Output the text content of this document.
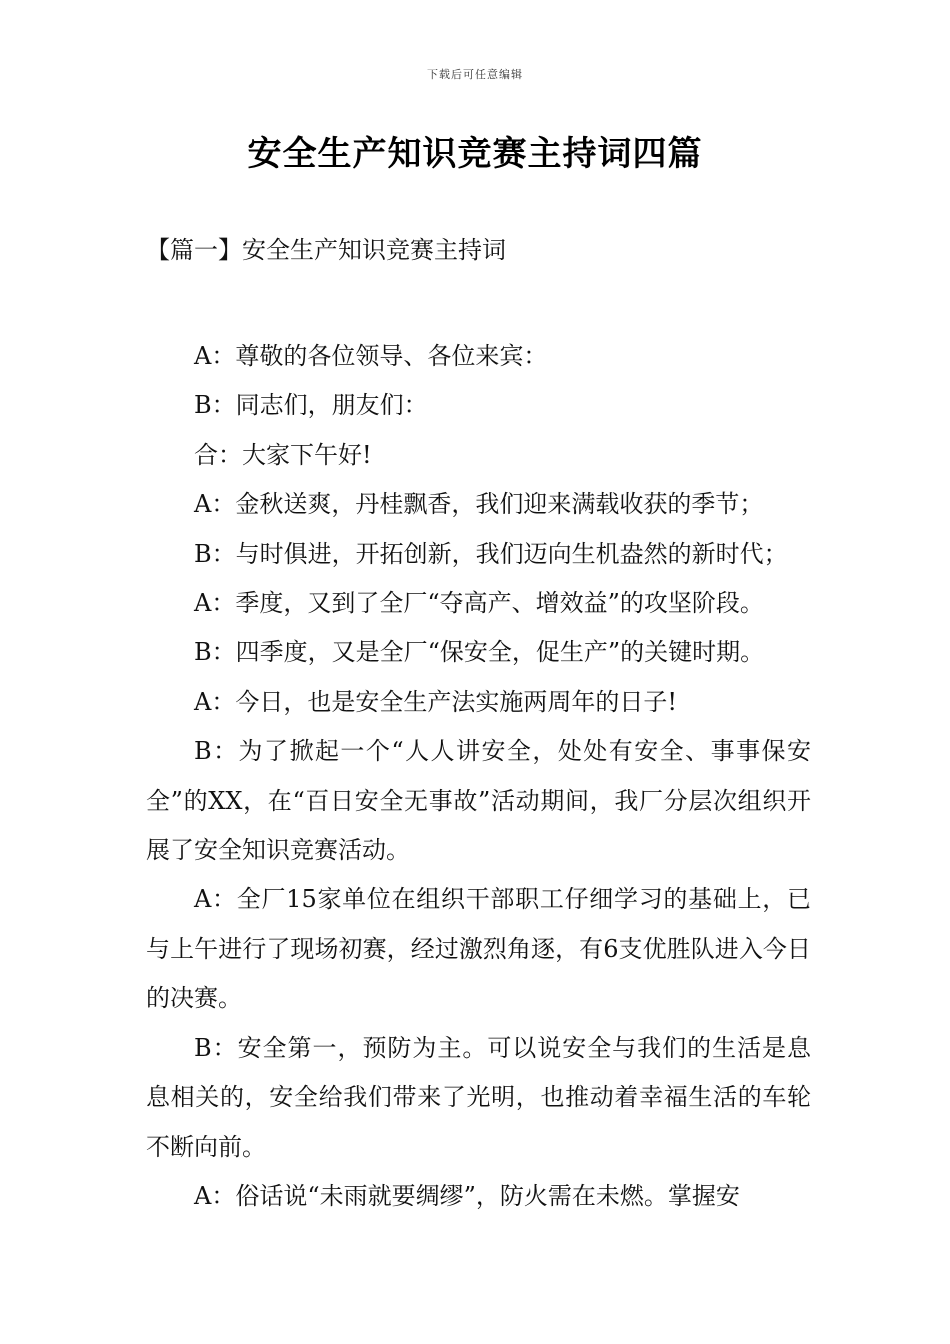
下载后可任意编辑
安全生产知识竞赛主持词四篇
【篇一】安全生产知识竞赛主持词

A：尊敬的各位领导、各位来宾：

B：同志们，朋友们：

合：大家下午好!

A：金秋送爽，丹桂飘香，我们迎来满载收获的季节；

B：与时俱进，开拓创新，我们迈向生机盎然的新时代；

A：季度，又到了全厂“夺高产、增效益”的攻坚阶段。

B：四季度，又是全厂“保安全，促生产”的关键时期。

A：今日，也是安全生产法实施两周年的日子!

B：为了掀起一个“人人讲安全，处处有安全、事事保安全”的XX，在“百日安全无事故”活动期间，我厂分层次组织开展了安全知识竞赛活动。

A：全厂15家单位在组织干部职工仔细学习的基础上，已与上午进行了现场初赛，经过激烈角逐，有6支优胜队进入今日的决赛。

B：安全第一，预防为主。可以说安全与我们的生活是息息相关的，安全给我们带来了光明，也推动着幸福生活的车轮不断向前。

A：俗话说“未雨就要绸缪”，防火需在未燃。掌握安
